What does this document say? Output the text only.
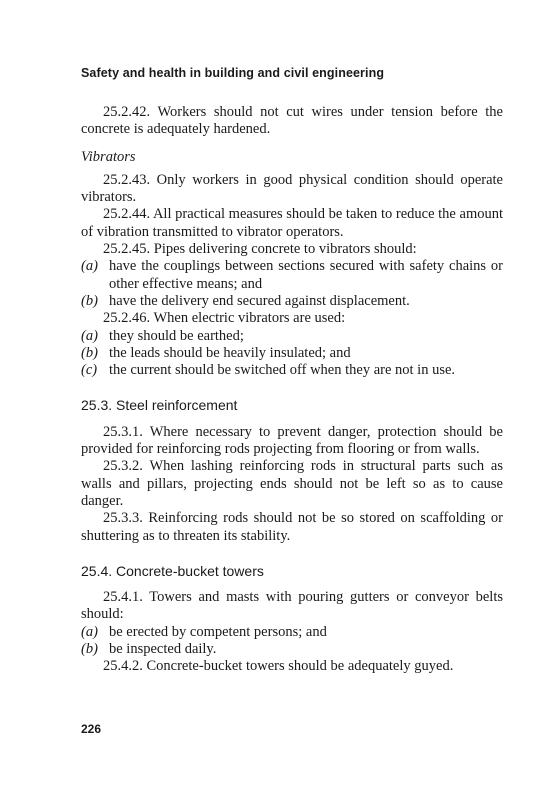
Safety and health in building and civil engineering

25.2.42. Workers should not cut wires under tension before the concrete is adequately hardened.

Vibrators

25.2.43. Only workers in good physical condition should operate vibrators.

25.2.44. All practical measures should be taken to reduce the amount of vibration transmitted to vibrator operators.

25.2.45. Pipes delivering concrete to vibrators should:

(a) have the couplings between sections secured with safety chains or other effective means; and

(b) have the delivery end secured against displacement.

25.2.46. When electric vibrators are used:

(a) they should be earthed;

(b) the leads should be heavily insulated; and

(c) the current should be switched off when they are not in use.

25.3. Steel reinforcement

25.3.1. Where necessary to prevent danger, protection should be provided for reinforcing rods projecting from flooring or from walls.

25.3.2. When lashing reinforcing rods in structural parts such as walls and pillars, projecting ends should not be left so as to cause danger.

25.3.3. Reinforcing rods should not be so stored on scaffolding or shuttering as to threaten its stability.

25.4. Concrete-bucket towers

25.4.1. Towers and masts with pouring gutters or conveyor belts should:

(a) be erected by competent persons; and

(b) be inspected daily.

25.4.2. Concrete-bucket towers should be adequately guyed.

226
